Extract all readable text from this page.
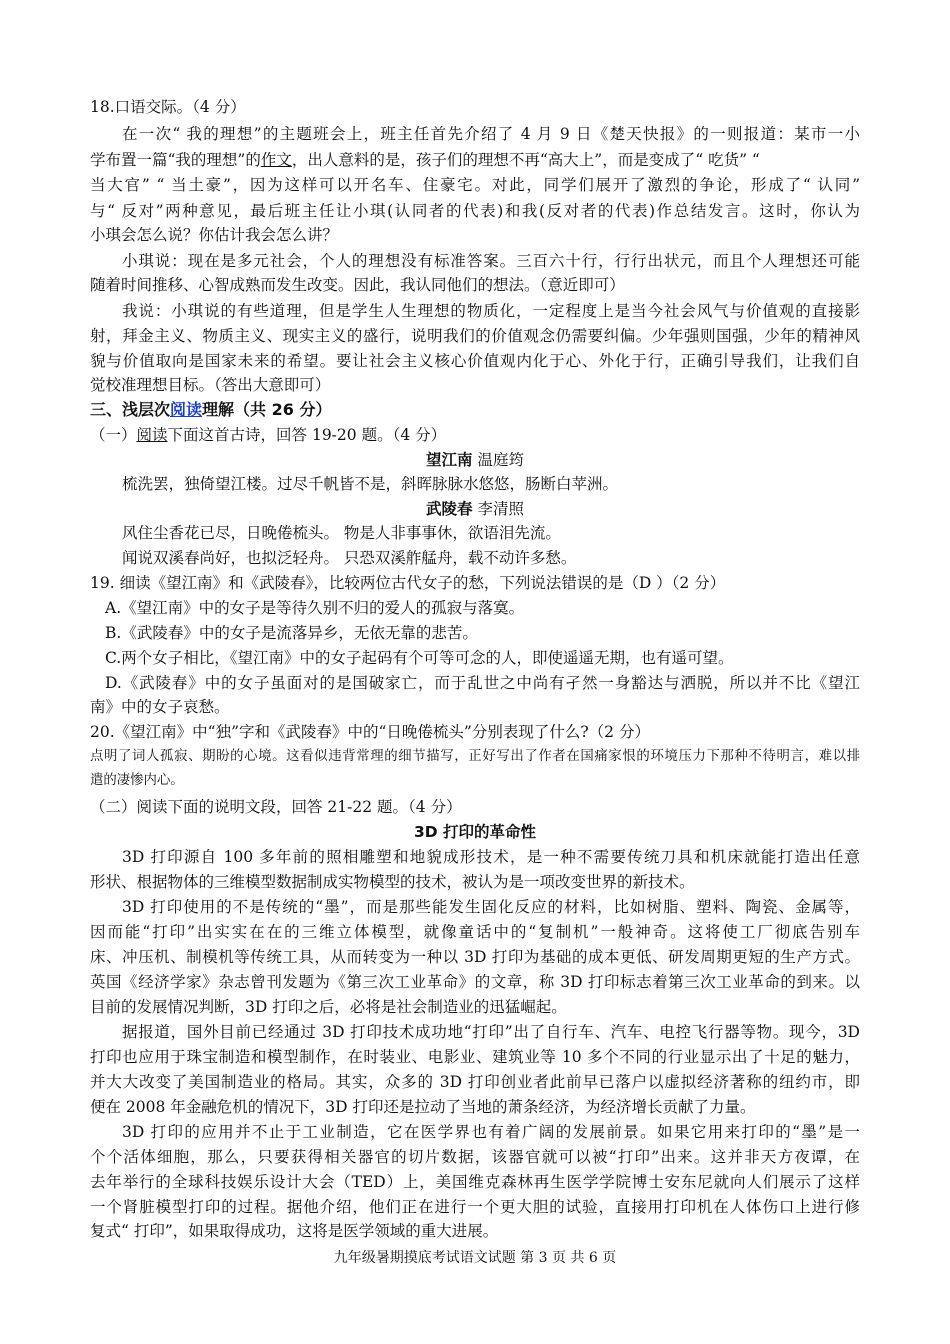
18.口语交际。（4 分）
在一次“ 我的理想”的主题班会上，班主任首先介绍了 4 月 9 日《楚天快报》的一则报道：某市一小
学布置一篇“我的理想”的作文，出人意料的是，孩子们的理想不再“高大上”，而是变成了“ 吃货” “
当大官” “ 当土豪”，因为这样可以开名车、住豪宅。对此，同学们展开了激烈的争论，形成了“ 认同”
与“ 反对”两种意见，最后班主任让小琪(认同者的代表)和我(反对者的代表)作总结发言。这时，你认为
小琪会怎么说？你估计我会怎么讲？
小琪说：现在是多元社会，个人的理想没有标准答案。三百六十行，行行出状元，而且个人理想还可能
随着时间推移、心智成熟而发生改变。因此，我认同他们的想法。（意近即可）
我说：小琪说的有些道理，但是学生人生理想的物质化，一定程度上是当今社会风气与价值观的直接影
射，拜金主义、物质主义、现实主义的盛行，说明我们的价值观念仍需要纠偏。少年强则国强，少年的精神风
貌与价值取向是国家未来的希望。要让社会主义核心价值观内化于心、外化于行，正确引导我们，让我们自
觉校准理想目标。（答出大意即可）
三、浅层次阅读理解（共 26 分）
（一）阅读下面这首古诗，回答 19-20 题。（4 分）
望江南 温庭筠
梳洗罢，独倚望江楼。过尽千帆皆不是，斜晖脉脉水悠悠，肠断白苹洲。
武陵春 李清照
风住尘香花已尽，日晚倦梳头。 物是人非事事休，欲语泪先流。
闻说双溪春尚好，也拟泛轻舟。 只恐双溪舴艋舟，载不动许多愁。
19. 细读《望江南》和《武陵春》，比较两位古代女子的愁，下列说法错误的是（D ）（2 分）
A.《望江南》中的女子是等待久别不归的爱人的孤寂与落寞。
B.《武陵春》中的女子是流落异乡，无依无靠的悲苦。
C.两个女子相比，《望江南》中的女子起码有个可等可念的人，即使遥遥无期，也有遥可望。
D.《武陵春》中的女子虽面对的是国破家亡，而于乱世之中尚有孑然一身豁达与洒脱，所以并不比《望江
南》中的女子哀愁。
20.《望江南》中“独”字和《武陵春》中的“日晚倦梳头”分别表现了什么?（2 分）
点明了词人孤寂、期盼的心境。这看似违背常理的细节描写，正好写出了作者在国痛家恨的环境压力下那种不待明言，难以排
遣的凄惨内心。
（二）阅读下面的说明文段，回答 21-22 题。（4 分）
3D 打印的革命性
3D 打印源自 100 多年前的照相雕塑和地貌成形技术，是一种不需要传统刀具和机床就能打造出任意
形状、根据物体的三维模型数据制成实物模型的技术，被认为是一项改变世界的新技术。
3D 打印使用的不是传统的“墨”，而是那些能发生固化反应的材料，比如树脂、塑料、陶瓷、金属等，
因而能“打印”出实实在在的三维立体模型，就像童话中的“复制机”一般神奇。这将使工厂彻底告别车
床、冲压机、制模机等传统工具，从而转变为一种以 3D 打印为基础的成本更低、研发周期更短的生产方式。
英国《经济学家》杂志曾刊发题为《第三次工业革命》的文章，称 3D 打印标志着第三次工业革命的到来。以
目前的发展情况判断，3D 打印之后，必将是社会制造业的迅猛崛起。
据报道，国外目前已经通过 3D 打印技术成功地“打印”出了自行车、汽车、电控飞行器等物。现今，3D
打印也应用于珠宝制造和模型制作，在时装业、电影业、建筑业等 10 多个不同的行业显示出了十足的魅力，
并大大改变了美国制造业的格局。其实，众多的 3D 打印创业者此前早已落户以虚拟经济著称的纽约市，即
便在 2008 年金融危机的情况下，3D 打印还是拉动了当地的萧条经济，为经济增长贡献了力量。
3D 打印的应用并不止于工业制造，它在医学界也有着广阔的发展前景。如果它用来打印的“墨”是一
个个活体细胞，那么，只要获得相关器官的切片数据，该器官就可以被“打印”出来。这并非天方夜谭，在
去年举行的全球科技娱乐设计大会（TED）上，美国维克森林再生医学学院博士安东尼就向人们展示了这样
一个肾脏模型打印的过程。据他介绍，他们正在进行一个更大胆的试验，直接用打印机在人体伤口上进行修
复式“ 打印”，如果取得成功，这将是医学领域的重大进展。
九年级暑期摸底考试语文试题 第 3 页 共 6 页
